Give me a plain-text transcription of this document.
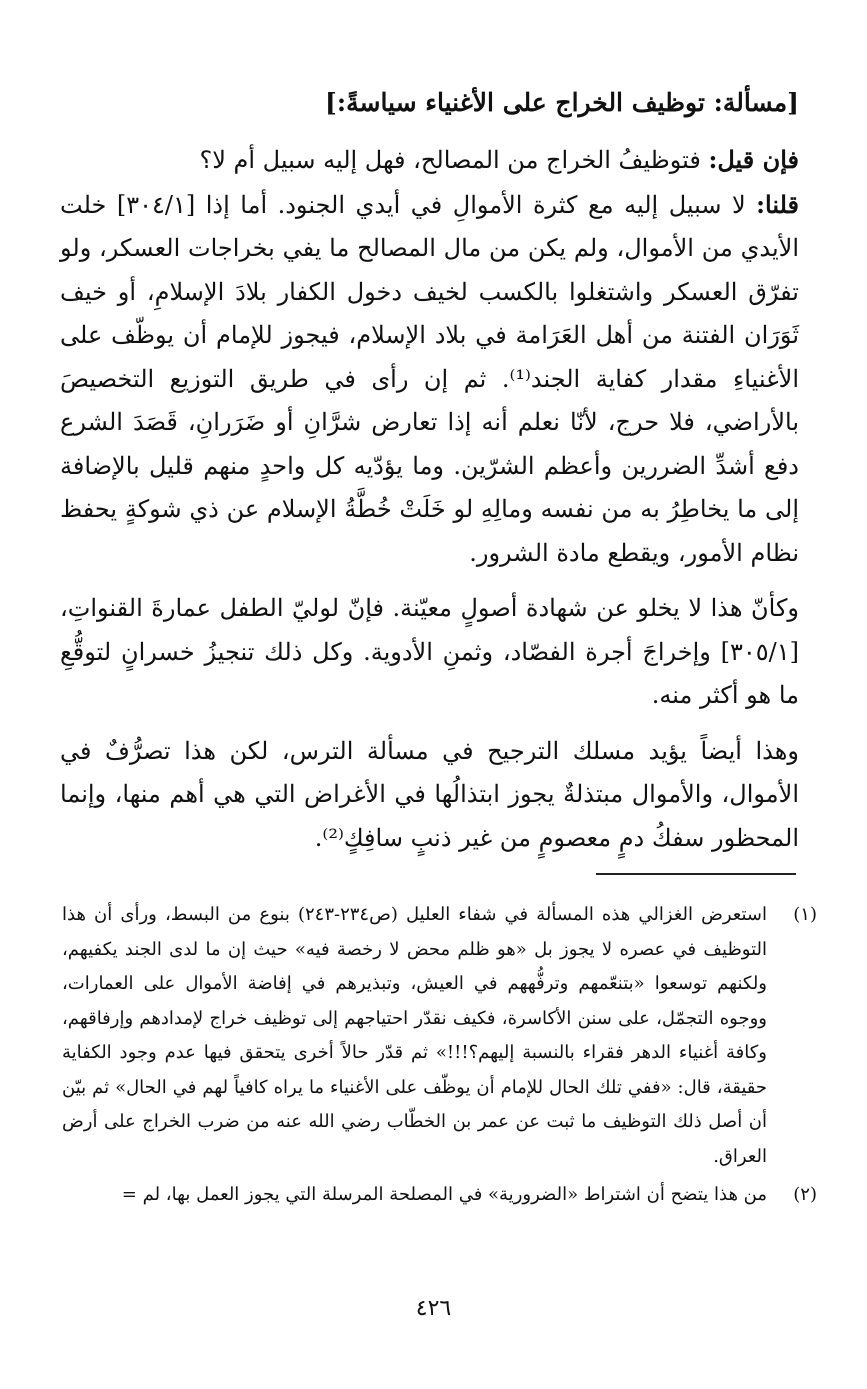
[مسألة: توظيف الخراج على الأغنياء سياسةً:]

فإن قيل: فتوظيفُ الخراج من المصالح، فهل إليه سبيل أم لا؟

قلنا: لا سبيل إليه مع كثرة الأموالِ في أيدي الجنود. أما إذا [٣٠٤/١] خلت الأيدي من الأموال، ولم يكن من مال المصالح ما يفي بخراجات العسكر، ولو تفرّق العسكر واشتغلوا بالكسب لخيف دخول الكفار بلادَ الإسلامِ، أو خيف ثَوَرَان الفتنة من أهل العَرَامة في بلاد الإسلام، فيجوز للإمام أن يوظّف على الأغنياءِ مقدار كفاية الجند⁽¹⁾. ثم إن رأى في طريق التوزيع التخصيصَ بالأراضي، فلا حرج، لأنّا نعلم أنه إذا تعارض شرَّانِ أو ضَرَرانِ، قَصَدَ الشرع دفع أشدِّ الضررين وأعظم الشرّين. وما يؤدّيه كل واحدٍ منهم قليل بالإضافة إلى ما يخاطِرُ به من نفسه ومالِهِ لو خَلَتْ خُطَّةُ الإسلام عن ذي شوكةٍ يحفظ نظام الأمور، ويقطع مادة الشرور.

وكأنّ هذا لا يخلو عن شهادة أصولٍ معيّنة. فإنّ لوليّ الطفل عمارةَ القنواتِ، [٣٠٥/١] وإخراجَ أجرة الفصّاد، وثمنِ الأدوية. وكل ذلك تنجيزُ خسرانٍ لتوقُّعِ ما هو أكثر منه.

وهذا أيضاً يؤيد مسلك الترجيح في مسألة الترس، لكن هذا تصرُّفٌ في الأموال، والأموال مبتذلةٌ يجوز ابتذالُها في الأغراض التي هي أهم منها، وإنما المحظور سفكُ دمٍ معصومٍ من غير ذنبٍ سافِكٍ⁽²⁾.

(١)
استعرض الغزالي هذه المسألة في شفاء العليل (ص٢٣٤-٢٤٣) بنوع من البسط، ورأى أن هذا التوظيف في عصره لا يجوز بل «هو ظلم محض لا رخصة فيه» حيث إن ما لدى الجند يكفيهم، ولكنهم توسعوا «بتنعّمهم وترفُّههم في العيش، وتبذيرهم في إفاضة الأموال على العمارات، ووجوه التجمّل، على سنن الأكاسرة، فكيف نقدّر احتياجهم إلى توظيف خراج لإمدادهم وإرفاقهم، وكافة أغنياء الدهر فقراء بالنسبة إليهم؟!!!» ثم قدّر حالاً أخرى يتحقق فيها عدم وجود الكفاية حقيقة، قال: «ففي تلك الحال للإمام أن يوظّف على الأغنياء ما يراه كافياً لهم في الحال» ثم بيّن أن أصل ذلك التوظيف ما ثبت عن عمر بن الخطّاب رضي الله عنه من ضرب الخراج على أرض العراق.
(٢)
من هذا يتضح أن اشتراط «الضرورية» في المصلحة المرسلة التي يجوز العمل بها، لم =
٤٢٦
